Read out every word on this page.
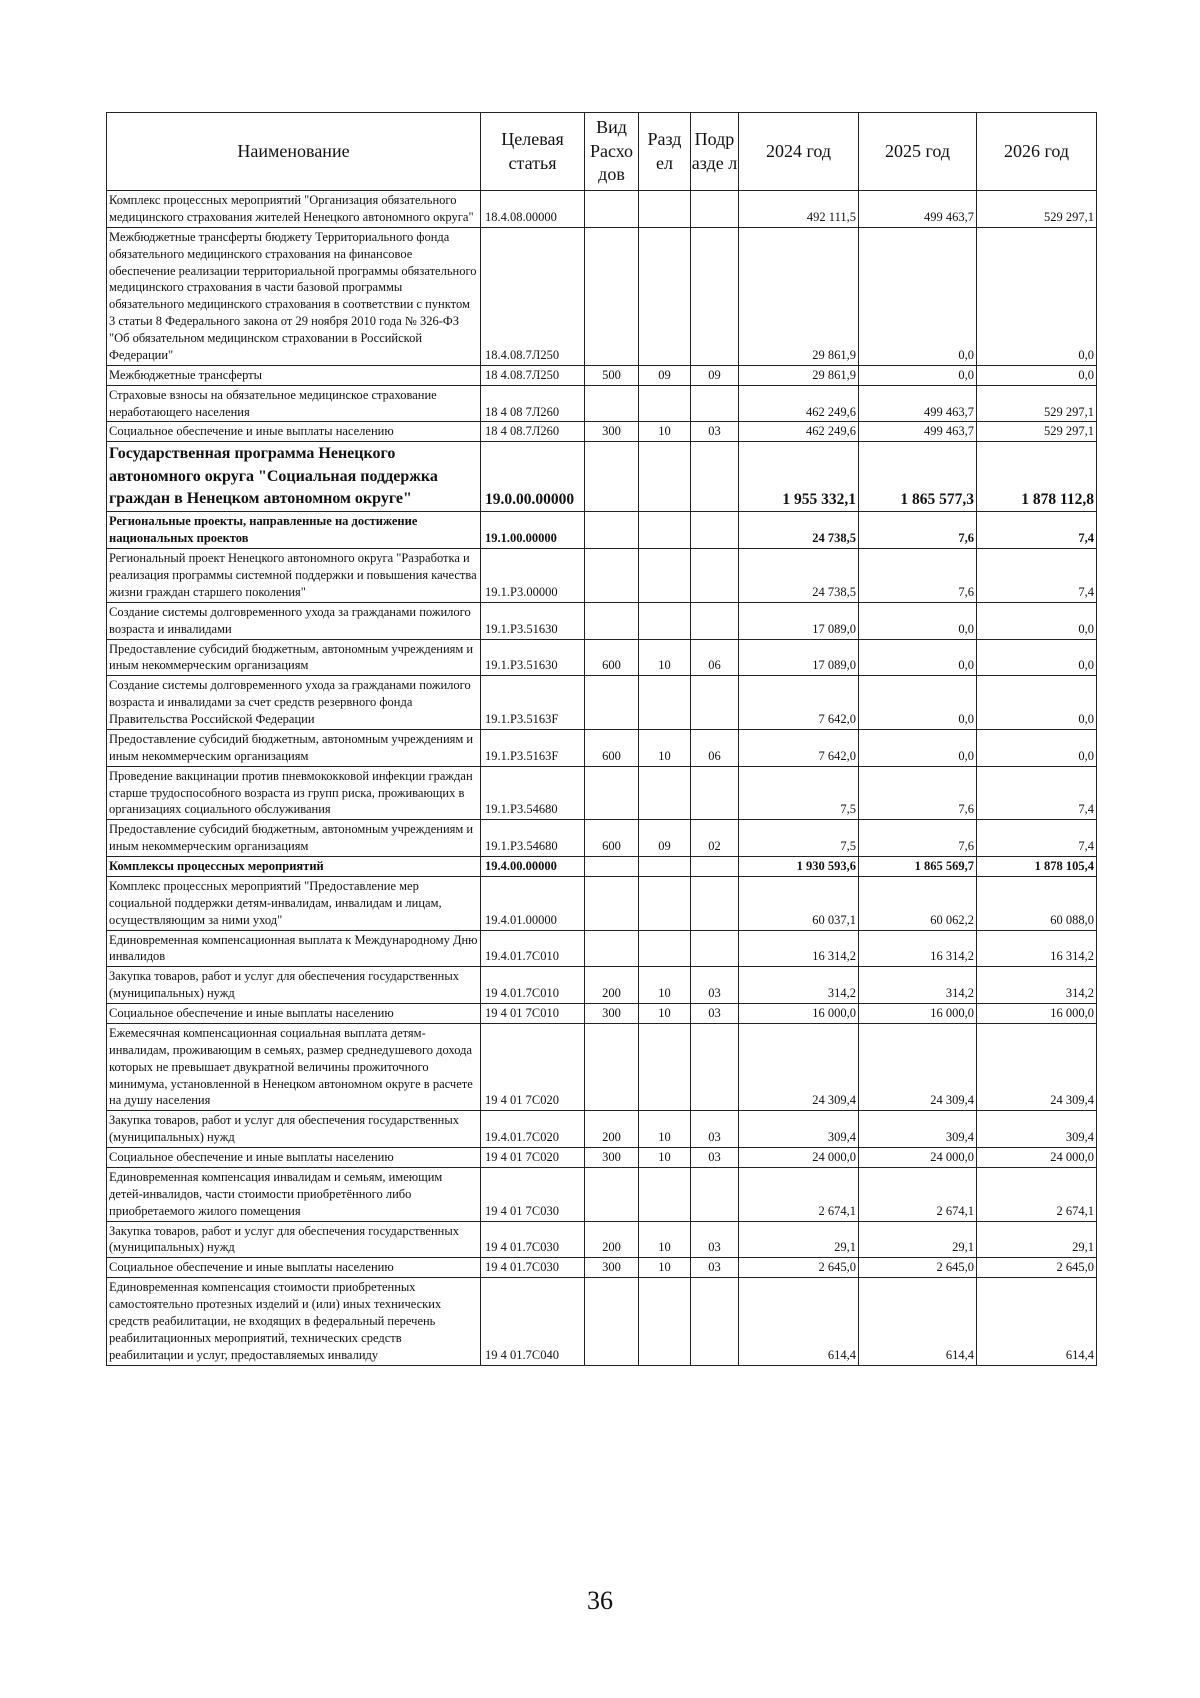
Наименование	Целевая статья	Вид Расхо дов	Разд ел	Подр азде л	2024 год	2025 год	2026 год
Комплекс процессных мероприятий "Организация обязательного медицинского страхования жителей Ненецкого автономного округа"	18.4.08.00000				492 111,5	499 463,7	529 297,1
Межбюджетные трансферты бюджету Территориального фонда обязательного медицинского страхования на финансовое обеспечение реализации территориальной программы обязательного медицинского страхования в части базовой программы обязательного медицинского страхования в соответствии с пунктом 3 статьи 8 Федерального закона от 29 ноября 2010 года № 326-ФЗ "Об обязательном медицинском страховании в Российской Федерации"	18.4.08.7Л250				29 861,9	0,0	0,0
Межбюджетные трансферты	18 4.08.7Л250	500	09	09	29 861,9	0,0	0,0
Страховые взносы на обязательное медицинское страхование неработающего населения	18 4 08 7Л260				462 249,6	499 463,7	529 297,1
Социальное обеспечение и иные выплаты населению	18 4 08.7Л260	300	10	03	462 249,6	499 463,7	529 297,1
Государственная программа Ненецкого автономного округа "Социальная поддержка граждан в Ненецком автономном округе"	19.0.00.00000				1 955 332,1	1 865 577,3	1 878 112,8
Региональные проекты, направленные на достижение национальных проектов	19.1.00.00000				24 738,5	7,6	7,4
Региональный проект Ненецкого автономного округа "Разработка и реализация программы системной поддержки и повышения качества жизни граждан старшего поколения"	19.1.Р3.00000				24 738,5	7,6	7,4
Создание системы долговременного ухода за гражданами пожилого возраста и инвалидами	19.1.Р3.51630				17 089,0	0,0	0,0
Предоставление субсидий бюджетным, автономным учреждениям и иным некоммерческим организациям	19.1.Р3.51630	600	10	06	17 089,0	0,0	0,0
Создание системы долговременного ухода за гражданами пожилого возраста и инвалидами за счет средств резервного фонда Правительства Российской Федерации	19.1.Р3.5163F				7 642,0	0,0	0,0
Предоставление субсидий бюджетным, автономным учреждениям и иным некоммерческим организациям	19.1.Р3.5163F	600	10	06	7 642,0	0,0	0,0
Проведение вакцинации против пневмококковой инфекции граждан старше трудоспособного возраста из групп риска, проживающих в организациях социального обслуживания	19.1.Р3.54680				7,5	7,6	7,4
Предоставление субсидий бюджетным, автономным учреждениям и иным некоммерческим организациям	19.1.Р3.54680	600	09	02	7,5	7,6	7,4
Комплексы процессных мероприятий	19.4.00.00000				1 930 593,6	1 865 569,7	1 878 105,4
Комплекс процессных мероприятий "Предоставление мер социальной поддержки детям-инвалидам, инвалидам и лицам, осуществляющим за ними уход"	19.4.01.00000				60 037,1	60 062,2	60 088,0
Единовременная компенсационная выплата к Международному Дню инвалидов	19.4.01.7С010				16 314,2	16 314,2	16 314,2
Закупка товаров, работ и услуг для обеспечения государственных (муниципальных) нужд	19 4.01.7С010	200	10	03	314,2	314,2	314,2
Социальное обеспечение и иные выплаты населению	19 4 01 7С010	300	10	03	16 000,0	16 000,0	16 000,0
Ежемесячная компенсационная социальная выплата детям-инвалидам, проживающим в семьях, размер среднедушевого дохода которых не превышает двукратной величины прожиточного минимума, установленной в Ненецком автономном округе в расчете на душу населения	19 4 01 7С020				24 309,4	24 309,4	24 309,4
Закупка товаров, работ и услуг для обеспечения государственных (муниципальных) нужд	19.4.01.7С020	200	10	03	309,4	309,4	309,4
Социальное обеспечение и иные выплаты населению	19 4 01 7С020	300	10	03	24 000,0	24 000,0	24 000,0
Единовременная компенсация инвалидам и семьям, имеющим детей-инвалидов, части стоимости приобретённого либо приобретаемого жилого помещения	19 4 01 7С030				2 674,1	2 674,1	2 674,1
Закупка товаров, работ и услуг для обеспечения государственных (муниципальных) нужд	19 4 01.7С030	200	10	03	29,1	29,1	29,1
Социальное обеспечение и иные выплаты населению	19 4 01.7С030	300	10	03	2 645,0	2 645,0	2 645,0
Единовременная компенсация стоимости приобретенных самостоятельно протезных изделий и (или) иных технических средств реабилитации, не входящих в федеральный перечень реабилитационных мероприятий, технических средств реабилитации и услуг, предоставляемых инвалиду	19 4 01.7С040				614,4	614,4	614,4
36
